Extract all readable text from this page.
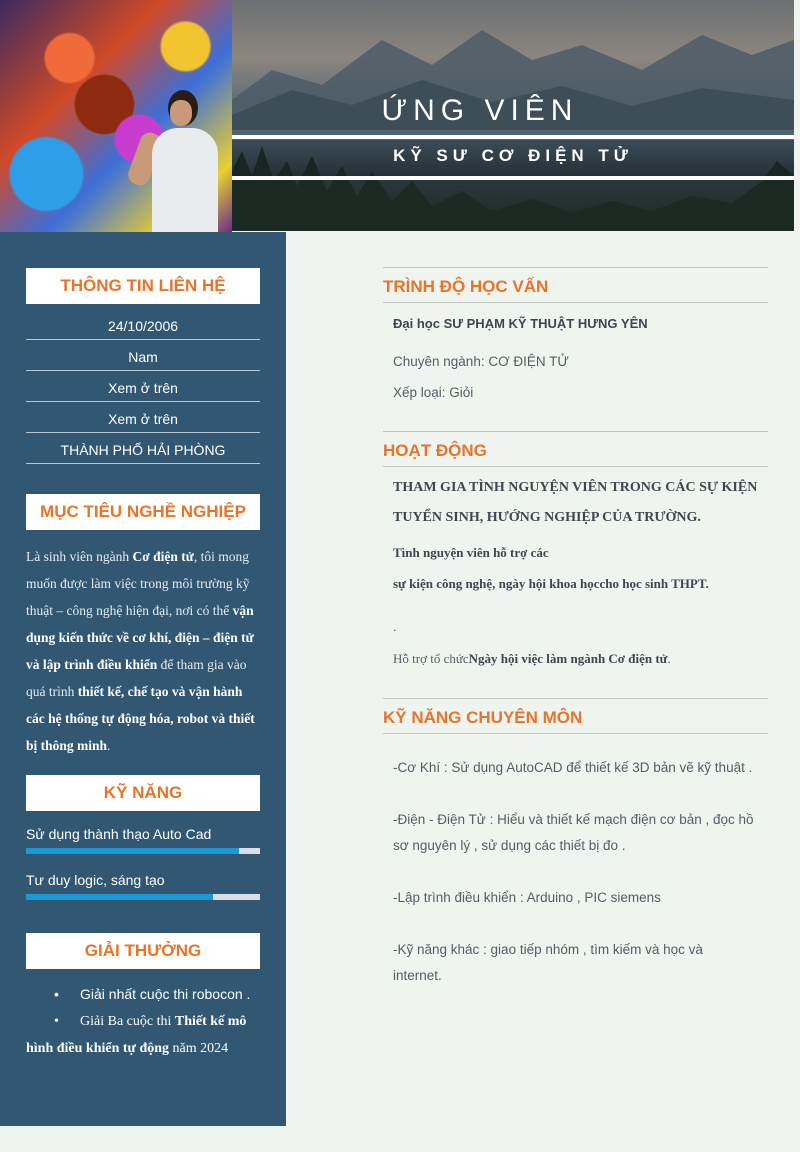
ỨNG VIÊN
KỸ SƯ CƠ ĐIỆN TỬ
THÔNG TIN LIÊN HỆ
24/10/2006
Nam
Xem ở trên
Xem ở trên
THÀNH PHỐ HẢI PHÒNG
MỤC TIÊU NGHỀ NGHIỆP
Là sinh viên ngành Cơ điện tử, tôi mong muốn được làm việc trong môi trường kỹ thuật – công nghệ hiện đại, nơi có thể vận dụng kiến thức về cơ khí, điện – điện tử và lập trình điều khiển để tham gia vào quá trình thiết kế, chế tạo và vận hành các hệ thống tự động hóa, robot và thiết bị thông minh.
KỸ NĂNG
Sử dụng thành thạo Auto Cad
Tư duy logic, sáng tạo
GIẢI THƯỞNG
• Giải nhất cuộc thi robocon .
• Giải Ba cuộc thi Thiết kế mô hình điều khiển tự động năm 2024
TRÌNH ĐỘ HỌC VẤN
Đại học SƯ PHẠM KỸ THUẬT HƯNG YÊN
Chuyên ngành: CƠ ĐIỆN TỬ
Xếp loại: Giỏi
HOẠT ĐỘNG
THAM GIA TÌNH NGUYỆN VIÊN TRONG CÁC SỰ KIỆN TUYỂN SINH, HƯỚNG NGHIỆP CỦA TRƯỜNG.
Tình nguyện viên hỗ trợ các
sự kiện công nghệ, ngày hội khoa họccho học sinh THPT.
.
Hỗ trợ tổ chứcNgày hội việc làm ngành Cơ điện tử.
KỸ NĂNG CHUYÊN MÔN
-Cơ Khí : Sử dụng AutoCAD để thiết kế 3D bản vẽ kỹ thuật .
-Điện - Điện Tử : Hiểu và thiết kế mạch điện cơ bản , đọc hồ sơ nguyên lý , sử dụng các thiết bị đo .
-Lập trình điều khiển : Arduino , PIC siemens
-Kỹ năng khác : giao tiếp nhóm , tìm kiếm và học và internet.
